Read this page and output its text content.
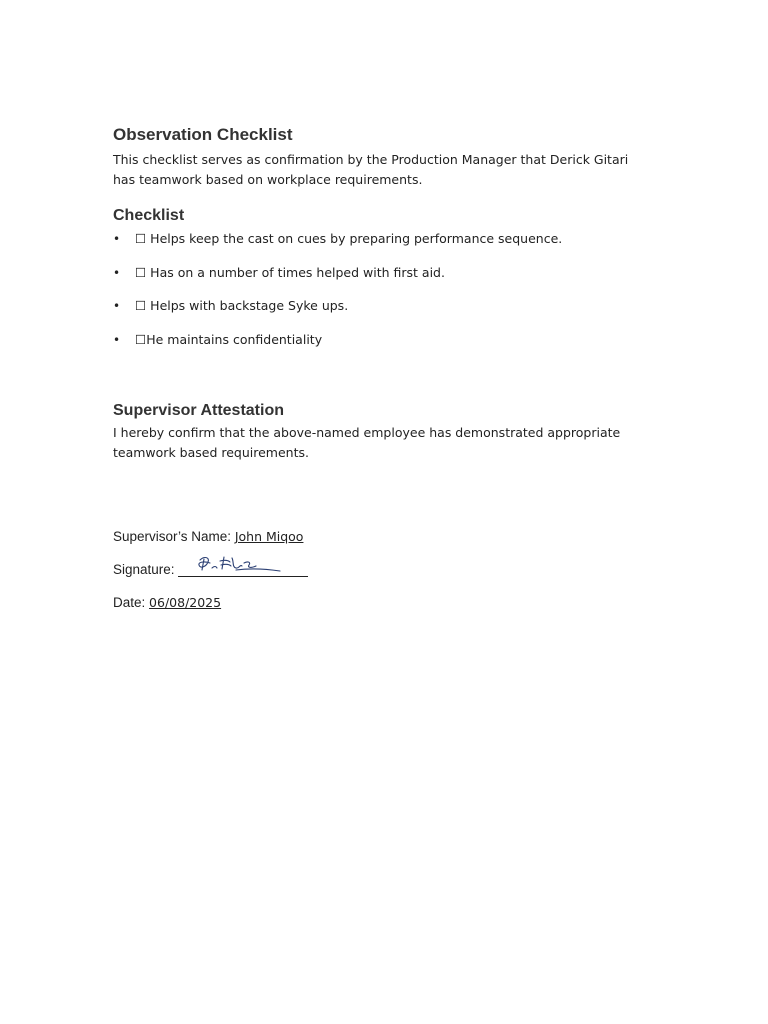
Observation Checklist

This checklist serves as confirmation by the Production Manager that Derick Gitari has teamwork based on workplace requirements.

Checklist
• ☐ Helps keep the cast on cues by preparing performance sequence.
• ☐ Has on a number of times helped with first aid.
• ☐ Helps with backstage Syke ups.
• ☐He maintains confidentiality
Supervisor Attestation

I hereby confirm that the above-named employee has demonstrated appropriate teamwork based requirements.

Supervisor’s Name: John Miqoo
Signature:
Date: 06/08/2025
